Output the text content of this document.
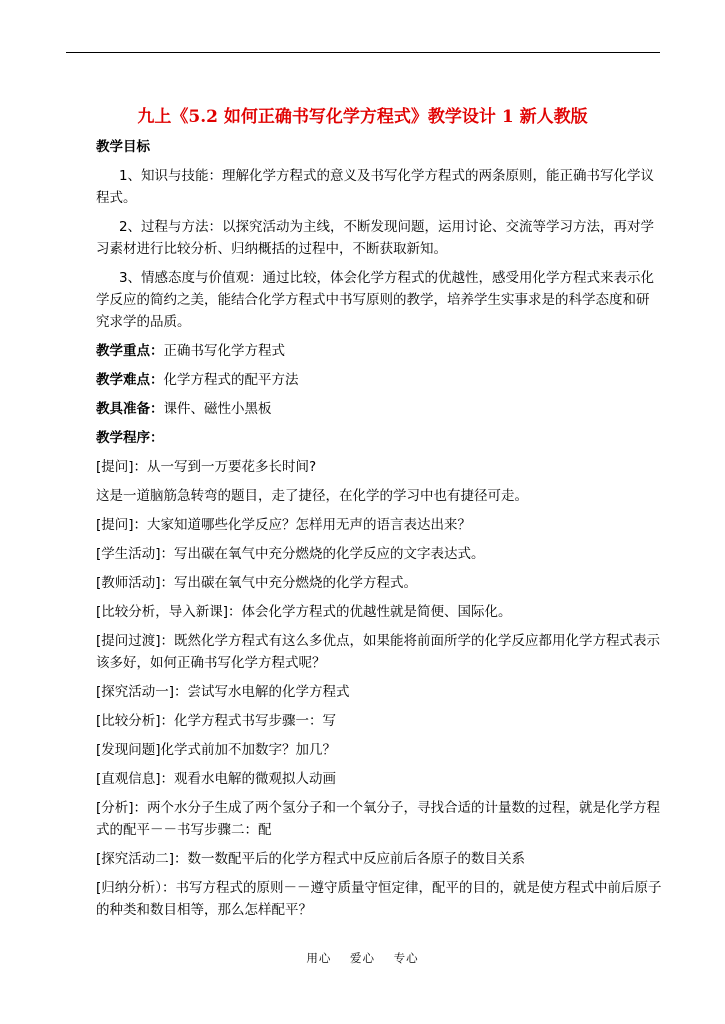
九上《5.2 如何正确书写化学方程式》教学设计 1 新人教版

教学目标

1、知识与技能：理解化学方程式的意义及书写化学方程式的两条原则，能正确书写化学议程式。

2、过程与方法：以探究活动为主线，不断发现问题，运用讨论、交流等学习方法，再对学习素材进行比较分析、归纳概括的过程中，不断获取新知。

3、情感态度与价值观：通过比较，体会化学方程式的优越性，感受用化学方程式来表示化学反应的简约之美，能结合化学方程式中书写原则的教学，培养学生实事求是的科学态度和研究求学的品质。

教学重点：正确书写化学方程式

教学难点：化学方程式的配平方法

教具准备：课件、磁性小黑板

教学程序：

[提问]：从一写到一万要花多长时间?

这是一道脑筋急转弯的题目，走了捷径，在化学的学习中也有捷径可走。

[提问]：大家知道哪些化学反应？怎样用无声的语言表达出来？

[学生活动]：写出碳在氧气中充分燃烧的化学反应的文字表达式。

[教师活动]：写出碳在氧气中充分燃烧的化学方程式。

[比较分析，导入新课]：体会化学方程式的优越性就是简便、国际化。

[提问过渡]：既然化学方程式有这么多优点，如果能将前面所学的化学反应都用化学方程式表示该多好，如何正确书写化学方程式呢？

[探究活动一]：尝试写水电解的化学方程式

[比较分析]：化学方程式书写步骤一：写

[发现问题]化学式前加不加数字？加几？

[直观信息]：观看水电解的微观拟人动画

[分析]：两个水分子生成了两个氢分子和一个氧分子，寻找合适的计量数的过程，就是化学方程式的配平－－书写步骤二：配

[探究活动二]：数一数配平后的化学方程式中反应前后各原子的数目关系

[归纳分析）：书写方程式的原则－－遵守质量守恒定律，配平的目的，就是使方程式中前后原子的种类和数目相等，那么怎样配平？

用心    爱心    专心
